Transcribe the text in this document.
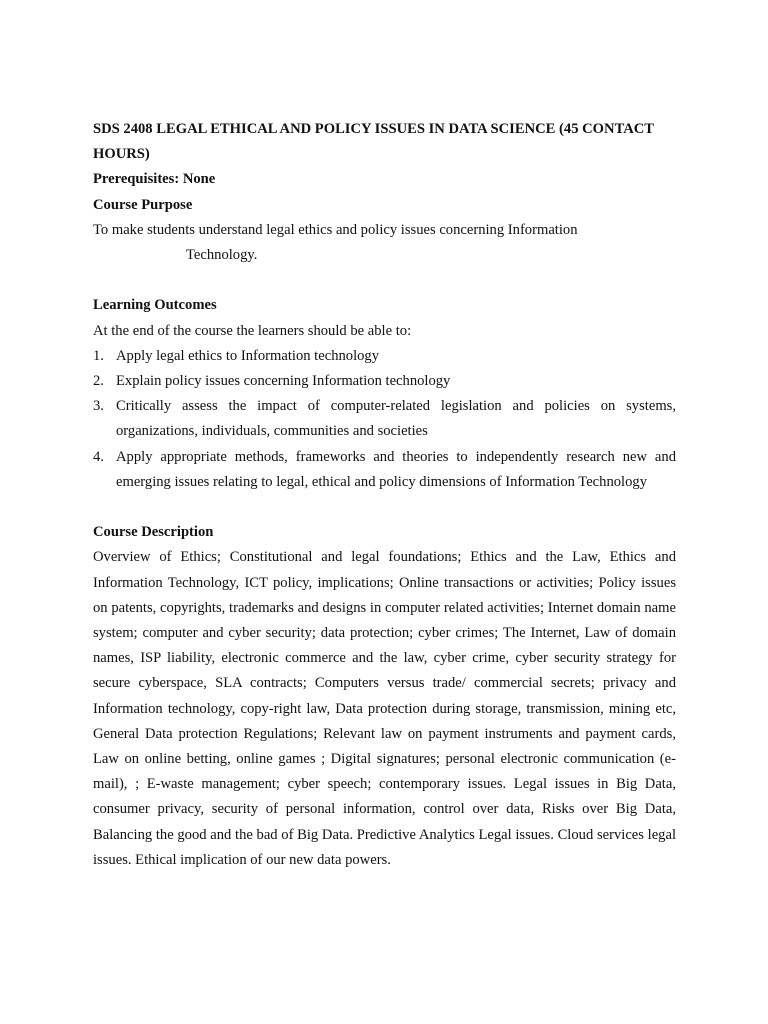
SDS 2408 LEGAL ETHICAL AND POLICY ISSUES IN DATA SCIENCE (45 CONTACT HOURS)

Prerequisites: None

Course Purpose

To make students understand legal ethics and policy issues concerning Information

Technology.

Learning Outcomes

At the end of the course the learners should be able to:

1. Apply legal ethics to Information technology
2. Explain policy issues concerning Information technology
3. Critically assess the impact of computer-related legislation and policies on systems, organizations, individuals, communities and societies
4. Apply appropriate methods, frameworks and theories to independently research new and emerging issues relating to legal, ethical and policy dimensions of Information Technology

Course Description

Overview of Ethics; Constitutional and legal foundations; Ethics and the Law, Ethics and Information Technology, ICT policy, implications; Online transactions or activities; Policy issues on patents, copyrights, trademarks and designs in computer related activities; Internet domain name system; computer and cyber security; data protection; cyber crimes; The Internet, Law of domain names, ISP liability, electronic commerce and the law, cyber crime, cyber security strategy for secure cyberspace, SLA contracts; Computers versus trade/ commercial secrets; privacy and Information technology, copy-right law, Data protection during storage, transmission, mining etc, General Data protection Regulations; Relevant law on payment instruments and payment cards, Law on online betting, online games ; Digital signatures; personal electronic communication (e- mail), ; E-waste management; cyber speech; contemporary issues. Legal issues in Big Data, consumer privacy, security of personal information, control over data, Risks over Big Data, Balancing the good and the bad of Big Data. Predictive Analytics Legal issues. Cloud services legal issues. Ethical implication of our new data powers.
